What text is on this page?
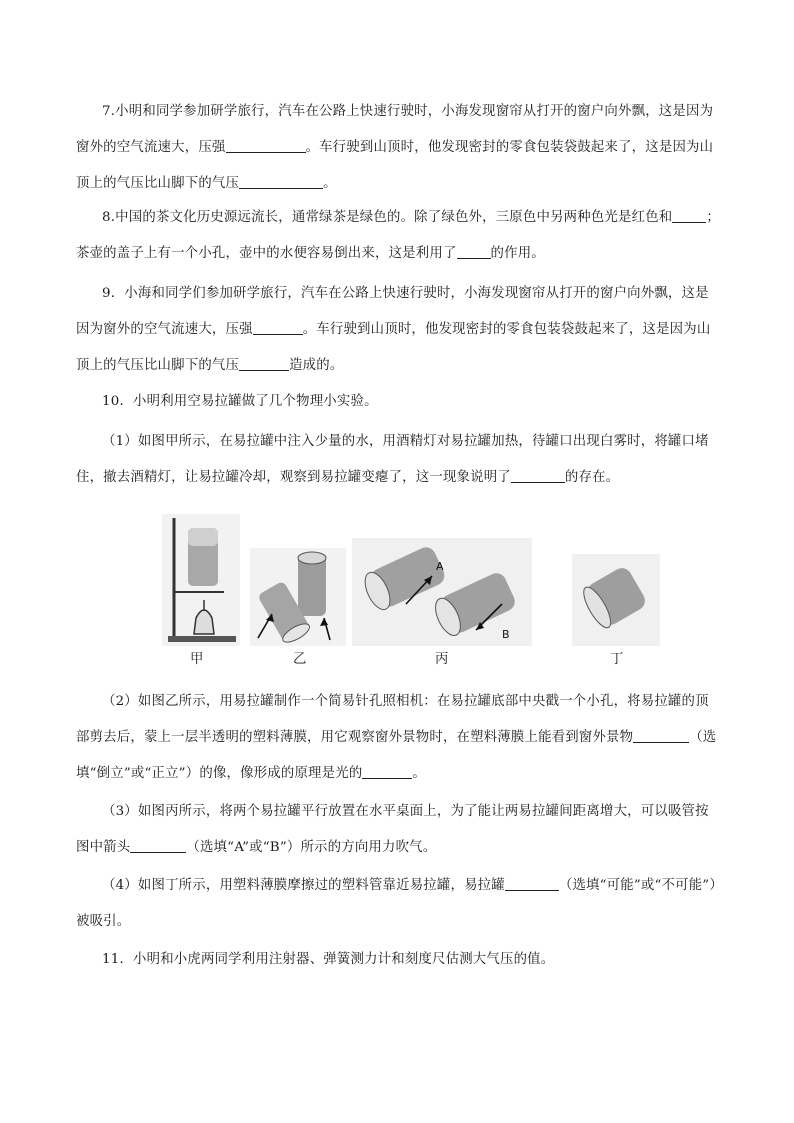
7.小明和同学参加研学旅行，汽车在公路上快速行驶时，小海发现窗帘从打开的窗户向外飘，这是因为窗外的空气流速大，压强	。车行驶到山顶时，他发现密封的零食包装袋鼓起来了，这是因为山顶上的气压比山脚下的气压	。
8.中国的茶文化历史源远流长，通常绿茶是绿色的。除了绿色外，三原色中另两种色光是红色和	；茶壶的盖子上有一个小孔，壶中的水便容易倒出来，这是利用了	的作用。
9．小海和同学们参加研学旅行，汽车在公路上快速行驶时，小海发现窗帘从打开的窗户向外飘，这是因为窗外的空气流速大，压强	。车行驶到山顶时，他发现密封的零食包装袋鼓起来了，这是因为山顶上的气压比山脚下的气压	造成的。
10．小明利用空易拉罐做了几个物理小实验。
（1）如图甲所示，在易拉罐中注入少量的水，用酒精灯对易拉罐加热，待罐口出现白雾时，将罐口堵住，撤去酒精灯，让易拉罐冷却，观察到易拉罐变瘪了，这一现象说明了	的存在。
A
B
甲	乙	丙	丁
（2）如图乙所示，用易拉罐制作一个简易针孔照相机：在易拉罐底部中央戳一个小孔，将易拉罐的顶部剪去后，蒙上一层半透明的塑料薄膜，用它观察窗外景物时，在塑料薄膜上能看到窗外景物	（选填“倒立”或“正立”）的像，像形成的原理是光的	。
（3）如图丙所示，将两个易拉罐平行放置在水平桌面上，为了能让两易拉罐间距离增大，可以吸管按图中箭头	（选填“A”或“B”）所示的方向用力吹气。
（4）如图丁所示，用塑料薄膜摩擦过的塑料管靠近易拉罐，易拉罐	（选填“可能”或“不可能”）被吸引。
11．小明和小虎两同学利用注射器、弹簧测力计和刻度尺估测大气压的值。
